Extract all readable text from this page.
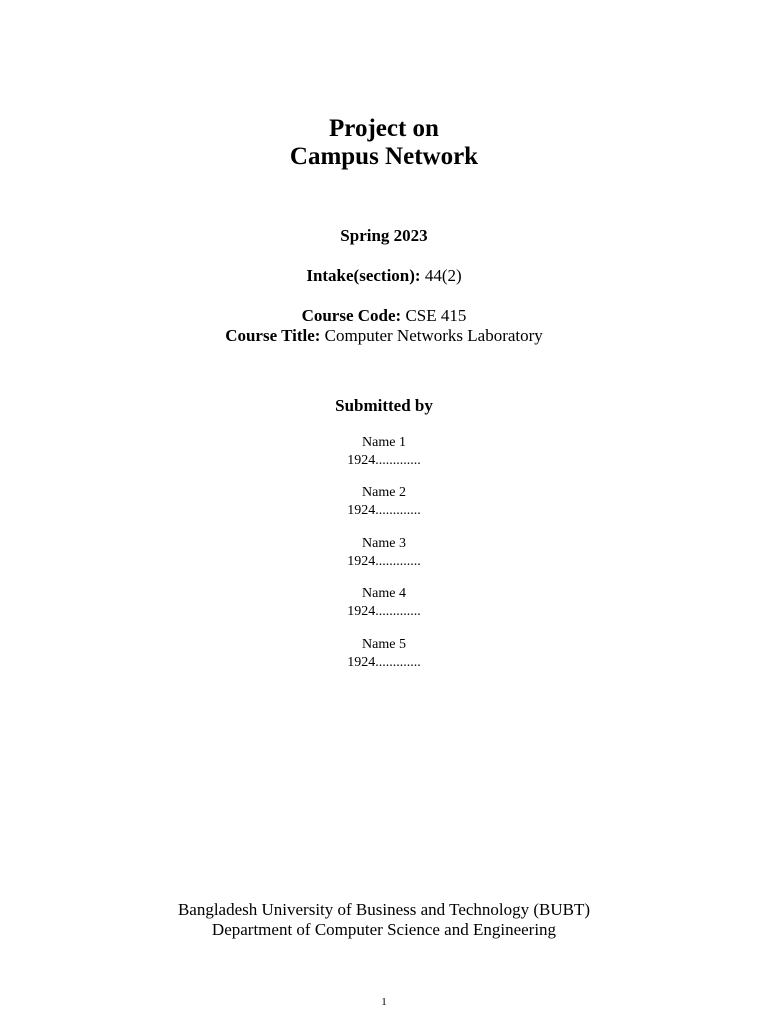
Project on
Campus Network
Spring 2023
Intake(section): 44(2)
Course Code: CSE 415
Course Title: Computer Networks Laboratory
Submitted by
Name 1
1924.............
Name 2
1924.............
Name 3
1924.............
Name 4
1924.............
Name 5
1924.............
Bangladesh University of Business and Technology (BUBT)
Department of Computer Science and Engineering
1
